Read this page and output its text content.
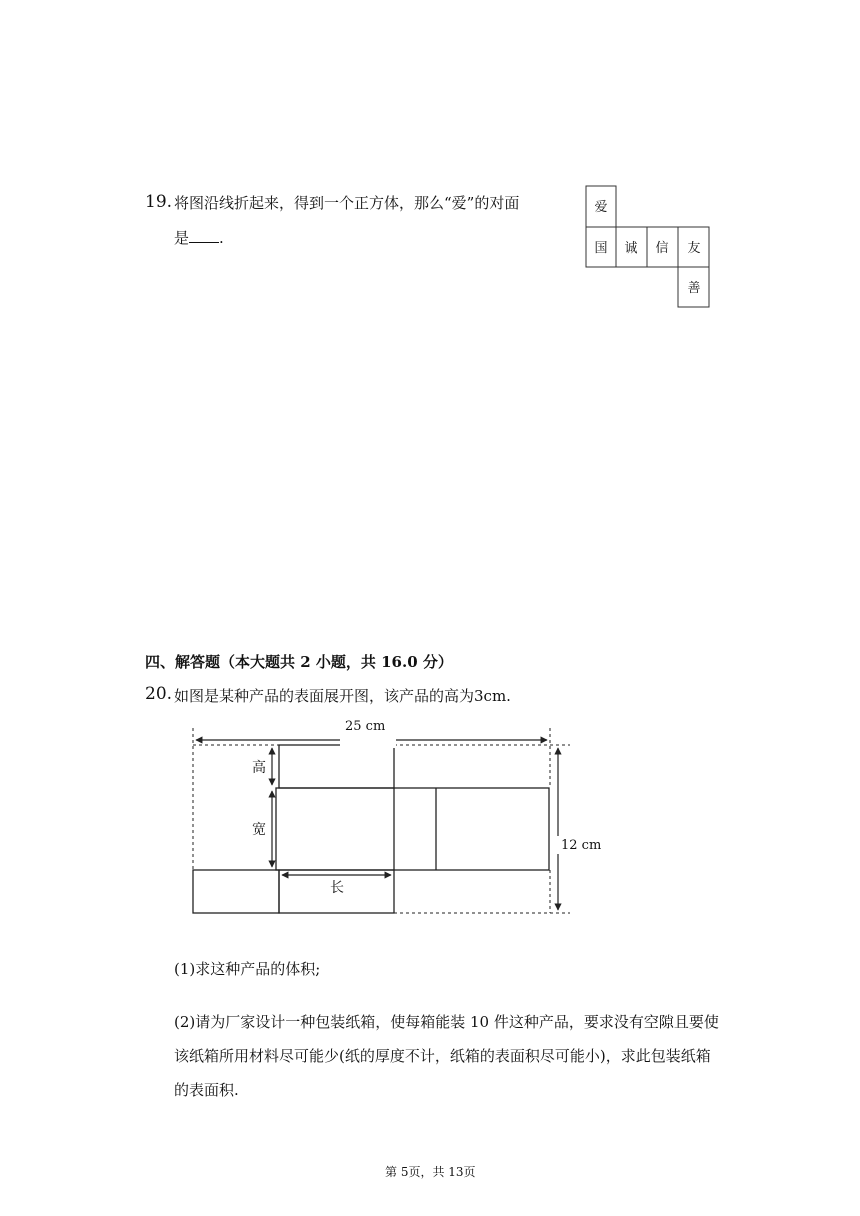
19. 将图沿线折起来，得到一个正方体，那么“爱”的对面
是 .
爱
国 诚 信 友
善
四、解答题（本大题共 2 小题，共 16.0 分）
20. 如图是某种产品的表面展开图，该产品的高为3cm.
25 cm
12 cm
高
宽
长
(1)求这种产品的体积;
(2)请为厂家设计一种包装纸箱，使每箱能装 10 件这种产品，要求没有空隙且要使
该纸箱所用材料尽可能少(纸的厚度不计，纸箱的表面积尽可能小)，求此包装纸箱
的表面积.
第 5页，共 13页
